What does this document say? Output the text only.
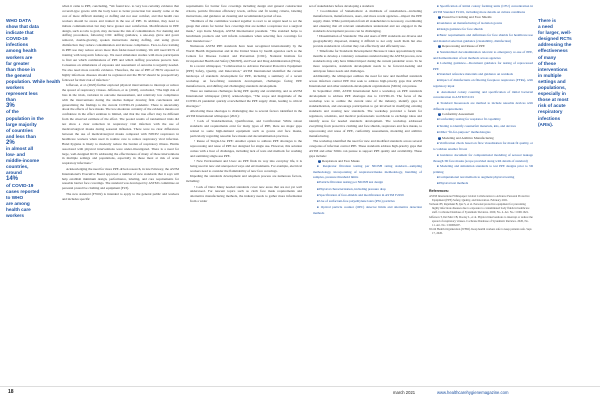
WHO DATA
show that data
indicate that
COVID-19
infections
among health
workers are
far greater
than those in
the general
population. While health
workers
represent less
than
3%
of the
population in the
large majority
of countries
and less than
2%
in almost all
low- and
middle-income
countries,
around
14%
of COVID-19
cases reported
to WHO
are among
health care
workers

when it came to PPE, concluding, "We found low- to very low-certainty evidence that coverall-type gowns with the body least to better protection but usually come at the cost of more difficult donning or doffing and not user comfort, and that health care workers should be aware and trained in the use of PPE. In addition, they need to initiate communication but may have greater user satisfaction. Modifications in PPE design, such as tabs to grab, may decrease the risk of contamination. For donning and doffing procedures, following CDC doffing guidance, a one-step glove and gown removal, double-gloving, spoken instructions during doffing, and using glove disinfection may reduce contamination and increase compliance. Face-to-face training in PPE use may reduce errors more than folder-based training. We still need RCTs of training with long-term follow-up. We need simulation studies with more participants to find out which combinations of PPE and which doffing procedure protects best. Consensus on simulations of exposure and assessment of outcome is urgently needed. We also need more real-life evidence. Therefore, the use of PPE of HCW exposed to highly infectious diseases should be registered and the HCW should be prospectively followed for their risk of infection."

Jefferson, et al. (2020) further explored physical interventions to interrupt or reduce the spread of respiratory viruses. Jefferson, et al. (2020), concluded, "The high risk of bias in the trials, variation in outcome measurement, and relatively low compliance with the interventions during the studies hamper drawing firm conclusions and generalizing the findings to the current COVID-19 pandemic. There is uncertainty about the effects of face masks. The low-moderate certainty of the evidence means our confidence in the effect estimate is limited, and that the true effect may be different from the observed estimate of the effect. The pooled results of randomized trials did not show a clear reduction in respiratory viral infection with the use of medical/surgical masks during seasonal influenza. There were no clear differences between the use of medical/surgical masks compared with N95/P2 respirators in healthcare workers when used in routine care to reduce respiratory viral infection. Hand hygiene is likely to modestly reduce the burden of respiratory illness. Harms associated with physical interventions were under-investigated. There is a need for large, well-designed RCTs addressing the effectiveness of many of these interventions in multiple settings and populations, especially in those most at risk of acute respiratory infections."

Acknowledging the need for more PPE-driven research, in late February, the ASTM International's Executive Board approved a number of new standards that it says will help establish minimum design, performance, labeling, and care requirements for reusable barrier face coverings. The standard was developed by ASTM's committee on personal protective clothing and equipment (F23).

The new standard (F3502) is intended to apply to the general public and workers and includes specific

requirements for barrier face coverings including design and general construction criteria, particle filtration efficiency levels, airflow and fit testing criteria, labeling instructions, and guidance on cleaning and recommended period of use.

"Members of the committee worked together to react to an urgent need to set the gauge that exists for barrier face coverings that are neither a respirator nor a surgical mask," says Katie Morgan, ASTM International president. "The standard helps to benchmark products and will inform consumers when selecting face coverings for their intended use."

Numerous ASTM PPE standards have been recognized internationally by the World Health Organization and in the United States by health agencies such as the Centers for Disease Control and Prevention (CDC), National Institute for Occupational Health and Safety (NIOSH), and Food and Drug Administration (FDA).

In a recent whitepaper, "Collaboration to Advance Personal Protective Equipment (PPE) Safety, Quality, and Innovation," ASTM International identified the current landscape of standards development for PPE, including a summary of a recent workshop on face-fitting standards development, challenges facing PPE manufacturers, and shifting and challenging standards development.

There are numerous challenges facing PPE quality and availability, and as ASTM International whitepaper (2021) acknowledges, "The scope and magnitude of the COVID-19 pandemic quickly overwhelmed the PPE supply chain, leading to critical shortages."

Alleviating these shortages is challenging due to several factors identified in the ASTM International whitepaper (2021):

• Lack of Standardization, Qualification, and Certification: While robust standards and requirements exist for many types of PPE, there are major gaps related to some high-demand equipment such as gowns and face masks, particularly regarding reusable face masks and decontamination practices.

• Reuse of Single-Use PPE: Another option to address PPE shortages is the reprocessing and reuse of PPE not designed for single use. However, this solution comes with a host of challenges, including lack of tests and methods for washing and sanitizing single-use PPE.

• New Environment and Uses: As PPE finds its way into everyday life, it is being used in new and unexpected ways and environments. For example, electrical workers need to consider the flammability of new face coverings.

Impeding the standards development and adoption process are numerous factors, including:

• Lack of Data: Many needed standards cover new areas that are not yet well understood. For nascent topics such as cloth face mask requirements and alternative manufacturing methods, the industry needs to gather more information from a wider

set of stakeholders before developing a standard.

• Coordination of Stakeholders: A multitude of stakeholders—including manufacturers, manufacturers, users, and more recent agencies—impact the PPE supply chain. While participation from all stakeholders is necessary, coordinating and ensuring that all relevant stakeholders understand and are engaged in the standards development process can be challenging.

• Dissemination of Standards: The end users of PPE standards are diverse and geographically dispersed, making it difficult to not only reach them but also provide standards in a format they can effectively and efficiently use.

• Timeframe for Standards Development: Because it takes approximately nine months to develop a voluntary consensus standard using the ASTM process, new standards may only have limited impact during the current pandemic wave. To be more responsive, standards development needs to be forward-looking and anticipate future needs and challenges.

Additionally, the whitepaper outlines the need for new and modified standards across infection control PPE that seek to address high-priority gaps that ASTM International and other standards-development organizations (SDOs) can pursue.

In September 2020, ASTM International held a workshop on PPE standards development to address PPE shortages due to COVID-19. The focus of the workshop was to outline the current state of the industry, identify gaps in standardization, and encourage participation to get involved in modifying existing standards and creating new standards. The workshop provided a forum for regulators, scientists, and medical professionals worldwide to exchange ideas and identify areas for needed standards development. The workshop addressed everything from protective clothing and face shields, respirators and face masks, to reprocessing and reuse of PPE, conformity assessments, modeling and additive manufacturing.

The workshop identified the need for new and modified standards across several categories of infection control PPE. These standards address high-priority gaps that ASTM and other SDOs can pursue to support PPE quality and availability. These gaps include:

✓ Respirators and Face Masks

■ Respirator filtration testing per NIOSH rating standard—sampling methodology, incorporating of respirators/masks methodology, handling of samples, pressure threshold limits

■ Particle filtration testing per NIOSH test design

■ Physical characterization, including pressure drop

■ Specification of face-shields and modification in ASTM F2299

■ Use of surfactant-free polyethylene latex (PSL) particles

■ Optical particle counter (OPC) detector limits and alternative detection methods

■ Specification of initial colony forming units (CFU) concentration in ASTM Standard F2101, including more details on culture conditions

✓ Protective Clothing and Face Shields

■ Guidance on manufacturing of isolation gowns

■ Design guidance for face shields

■ Basic requirements and definitions for face shields for healthcare use and material selection guidance (cleanability, disinfection)

✓ Reprocessing and Reuse of PPE

■ Standardized decontamination relevant to emergency re-use of PPE, and harmonization of test methods across agencies

■ Labeling guidance—Document guidance for testing of reprocessed PPE

■ Standard reference materials and guidance on residuals

■ Impact of disinfectants on filtering facepiece respirators (FFRs), with regulatory input

■ Automated colony counting and specification of initial bacterial concentration in ASTM E2101

■ Standard bioaerosols are method to include reusable devices with different requirements

✓ Conformity Assessment

■ Conformity testing for respirator fit capability

■ Testing to identify counterfeit materials, kits, and devices

■ Other "fit-for-purpose" methodologies

✓ Modeling and Additive Manufacturing

■ Verification check based on flow visualization for mask fit quality, or to validate another fit test

■ Guidance document for computational modeling of aerosol leakage through 3D face masks (scope provided along with details of standard)

■ Modeling and simulation standards to test PPE designs prior to 3D printing

■ Computational test methods to augment physical testing

■ Physical test methods

References:
ASTM International Whitepaper: Global Collaboration to Advance Personal Protective Equipment (PPE) Safety, Quality, and Innovation. February 2021.
Verbeek JH, Rajamaki B, Ijaz S, et al. Personal protective equipment for preventing highly infectious diseases due to exposure to contaminated body fluids in healthcare staff. Cochrane Database of Systematic Reviews. 2020, No. 4. Art. No.: CD011621.
Jefferson T, Del Mar CB, Dooley L, et al. Physical interventions to interrupt or reduce the spread of respiratory viruses. Cochrane Database of Systematic Reviews. 2020, No. 11. Art. No.: CD006207.
World Health Organization (WHO). Keep health workers safe to keep patients safe. Sept. 17, 2020.
There is
a need
for larger, well-
designed RCTs
addressing the
effectiveness
of many
of these
interventions
in multiple
settings and
populations,
especially in
those at most
risk of acute
respiratory
infections
(ARIs).
18	march 2021	www.healthcarehygienemagazine.com
